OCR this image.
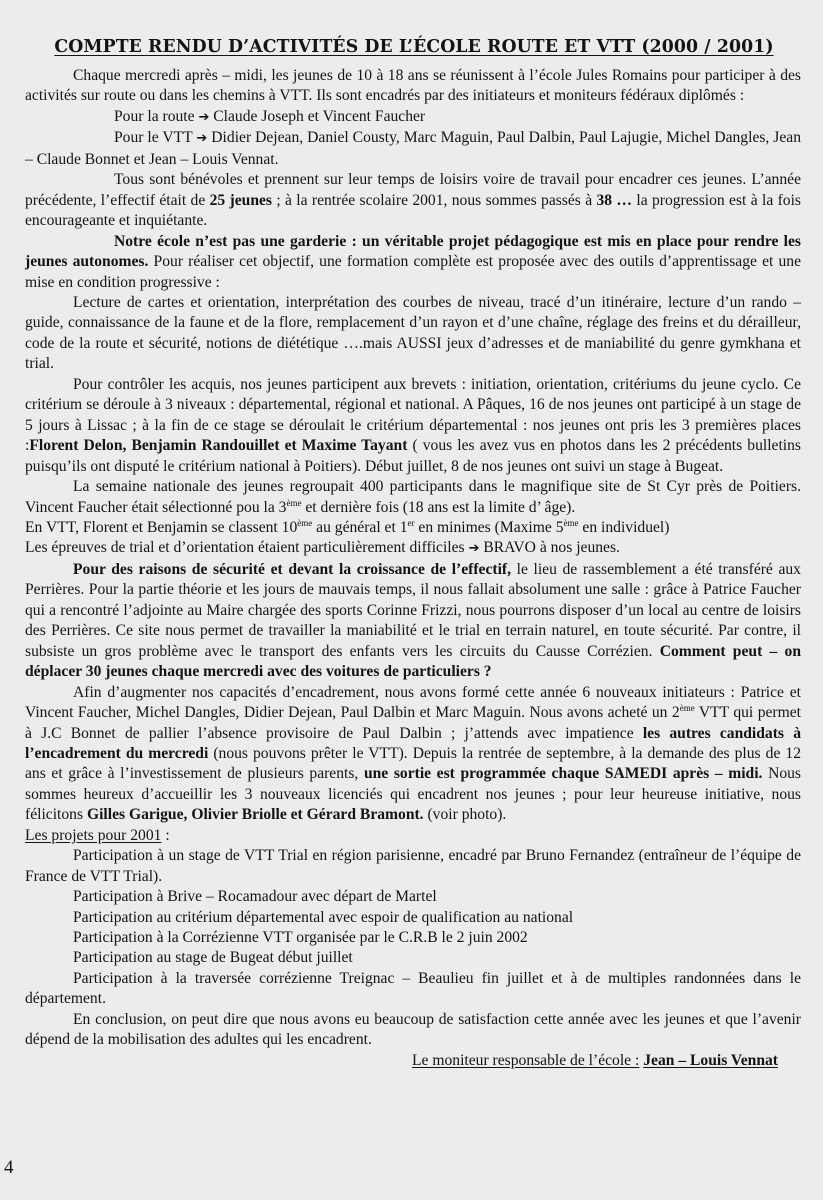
COMPTE RENDU D’ACTIVITÉS DE L’ÉCOLE ROUTE ET VTT (2000 / 2001)

Chaque mercredi après – midi, les jeunes de 10 à 18 ans se réunissent à l’école Jules Romains pour participer à des activités sur route ou dans les chemins à VTT. Ils sont encadrés par des initiateurs et moniteurs fédéraux diplômés :

Pour la route ➔ Claude Joseph et Vincent Faucher

Pour le VTT ➔ Didier Dejean, Daniel Cousty, Marc Maguin, Paul Dalbin, Paul Lajugie, Michel Dangles, Jean – Claude Bonnet et Jean – Louis Vennat.

Tous sont bénévoles et prennent sur leur temps de loisirs voire de travail pour encadrer ces jeunes. L’année précédente, l’effectif était de 25 jeunes ; à la rentrée scolaire 2001, nous sommes passés à 38 … la progression est à la fois encourageante et inquiétante.

Notre école n’est pas une garderie : un véritable projet pédagogique est mis en place pour rendre les jeunes autonomes. Pour réaliser cet objectif, une formation complète est proposée avec des outils d’apprentissage et une mise en condition progressive :

Lecture de cartes et orientation, interprétation des courbes de niveau, tracé d’un itinéraire, lecture d’un rando – guide, connaissance de la faune et de la flore, remplacement d’un rayon et d’une chaîne, réglage des freins et du dérailleur, code de la route et sécurité, notions de diététique ….mais AUSSI jeux d’adresses et de maniabilité du genre gymkhana et trial.

Pour contrôler les acquis, nos jeunes participent aux brevets : initiation, orientation, critériums du jeune cyclo. Ce critérium se déroule à 3 niveaux : départemental, régional et national. A Pâques, 16 de nos jeunes ont participé à un stage de 5 jours à Lissac ; à la fin de ce stage se déroulait le critérium départemental : nos jeunes ont pris les 3 premières places :Florent Delon, Benjamin Randouillet et Maxime Tayant ( vous les avez vus en photos dans les 2 précédents bulletins puisqu’ils ont disputé le critérium national à Poitiers). Début juillet, 8 de nos jeunes ont suivi un stage à Bugeat.

La semaine nationale des jeunes regroupait 400 participants dans le magnifique site de St Cyr près de Poitiers. Vincent Faucher était sélectionné pou la 3ème et dernière fois (18 ans est la limite d’ âge).

En VTT, Florent et Benjamin se classent 10ème au général et 1er en minimes (Maxime 5ème en individuel)

Les épreuves de trial et d’orientation étaient particulièrement difficiles ➔ BRAVO à nos jeunes.

Pour des raisons de sécurité et devant la croissance de l’effectif, le lieu de rassemblement a été transféré aux Perrières. Pour la partie théorie et les jours de mauvais temps, il nous fallait absolument une salle : grâce à Patrice Faucher qui a rencontré l’adjointe au Maire chargée des sports Corinne Frizzi, nous pourrons disposer d’un local au centre de loisirs des Perrières. Ce site nous permet de travailler la maniabilité et le trial en terrain naturel, en toute sécurité. Par contre, il subsiste un gros problème avec le transport des enfants vers les circuits du Causse Corrézien. Comment peut – on déplacer 30 jeunes chaque mercredi avec des voitures de particuliers ?

Afin d’augmenter nos capacités d’encadrement, nous avons formé cette année 6 nouveaux initiateurs : Patrice et Vincent Faucher, Michel Dangles, Didier Dejean, Paul Dalbin et Marc Maguin. Nous avons acheté un 2ème VTT qui permet à J.C Bonnet de pallier l’absence provisoire de Paul Dalbin ; j’attends avec impatience les autres candidats à l’encadrement du mercredi (nous pouvons prêter le VTT). Depuis la rentrée de septembre, à la demande des plus de 12 ans et grâce à l’investissement de plusieurs parents, une sortie est programmée chaque SAMEDI après – midi. Nous sommes heureux d’accueillir les 3 nouveaux licenciés qui encadrent nos jeunes ; pour leur heureuse initiative, nous félicitons Gilles Garigue, Olivier Briolle et Gérard Bramont. (voir photo).

Les projets pour 2001 :

Participation à un stage de VTT Trial en région parisienne, encadré par Bruno Fernandez (entraîneur de l’équipe de France de VTT Trial).

Participation à Brive – Rocamadour avec départ de Martel

Participation au critérium départemental avec espoir de qualification au national

Participation à la Corrézienne VTT organisée par le C.R.B le 2 juin 2002

Participation au stage de Bugeat début juillet

Participation à la traversée corrézienne Treignac – Beaulieu fin juillet et à de multiples randonnées dans le département.

En conclusion, on peut dire que nous avons eu beaucoup de satisfaction cette année avec les jeunes et que l’avenir dépend de la mobilisation des adultes qui les encadrent.

Le moniteur responsable de l’école : Jean – Louis Vennat

4
